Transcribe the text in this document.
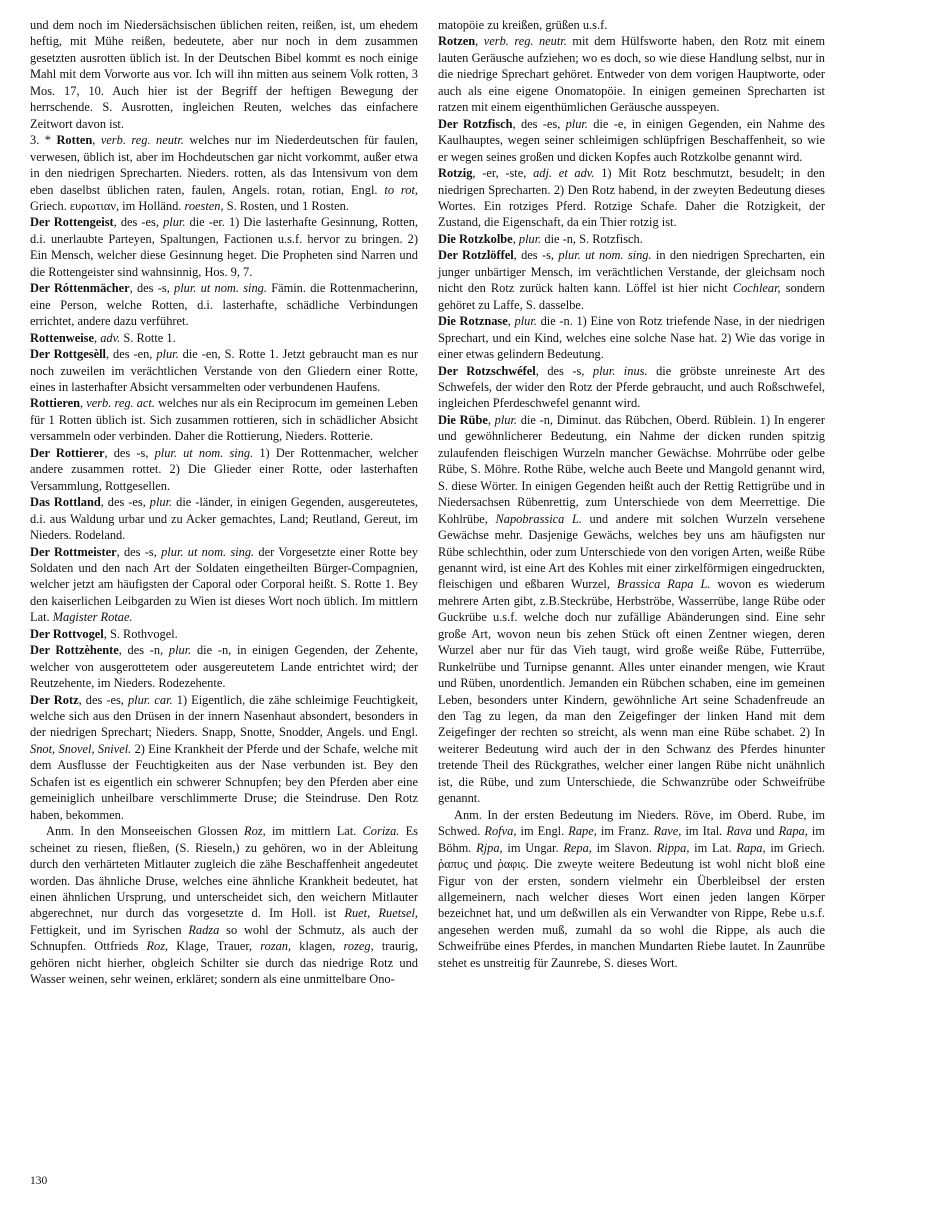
und dem noch im Niedersächsischen üblichen reiten, reißen, ist, um ehedem heftig, mit Mühe reißen, bedeutete, aber nur noch in dem zusammen gesetzten ausrotten üblich ist. In der Deutschen Bibel kommt es noch einige Mahl mit dem Vorworte aus vor. Ich will ihn mitten aus seinem Volk rotten, 3 Mos. 17, 10. Auch hier ist der Begriff der heftigen Bewegung der herrschende. S. Ausrotten, ingleichen Reuten, welches das einfachere Zeitwort davon ist.

3. * Rotten, verb. reg. neutr. welches nur im Niederdeutschen für faulen, verwesen, üblich ist, aber im Hochdeutschen gar nicht vorkommt, außer etwa in den niedrigen Sprecharten. Nieders. rotten, als das Intensivum von dem eben daselbst üblichen raten, faulen, Angels. rotan, rotian, Engl. to rot, Griech. ευρωτιαν, im Holländ. roesten, S. Rosten, und 1 Rosten.

Der Rottengeist, des -es, plur. die -er. 1) Die lasterhafte Gesinnung, Rotten, d.i. unerlaubte Parteyen, Spaltungen, Factionen u.s.f. hervor zu bringen. 2) Ein Mensch, welcher diese Gesinnung heget. Die Propheten sind Narren und die Rottengeister sind wahnsinnig, Hos. 9, 7.

Der Róttenmächer, des -s, plur. ut nom. sing. Fämin. die Rottenmacherinn, eine Person, welche Rotten, d.i. lasterhafte, schädliche Verbindungen errichtet, andere dazu verführet.

Rottenweise, adv. S. Rotte 1.

Der Rottgesèll, des -en, plur. die -en, S. Rotte 1. Jetzt gebraucht man es nur noch zuweilen im verächtlichen Verstande von den Gliedern einer Rotte, eines in lasterhafter Absicht versammelten oder verbundenen Haufens.

Rottieren, verb. reg. act. welches nur als ein Reciprocum im gemeinen Leben für 1 Rotten üblich ist. Sich zusammen rottieren, sich in schädlicher Absicht versammeln oder verbinden. Daher die Rottierung, Nieders. Rotterie.

Der Rottierer, des -s, plur. ut nom. sing. 1) Der Rottenmacher, welcher andere zusammen rottet. 2) Die Glieder einer Rotte, oder lasterhaften Versammlung, Rottgesellen.

Das Rottland, des -es, plur. die -länder, in einigen Gegenden, ausgereutetes, d.i. aus Waldung urbar und zu Acker gemachtes, Land; Reutland, Gereut, im Nieders. Rodeland.

Der Rottmeister, des -s, plur. ut nom. sing. der Vorgesetzte einer Rotte bey Soldaten und den nach Art der Soldaten eingetheilten Bürger-Compagnien, welcher jetzt am häufigsten der Caporal oder Corporal heißt. S. Rotte 1. Bey den kaiserlichen Leibgarden zu Wien ist dieses Wort noch üblich. Im mittlern Lat. Magister Rotae.

Der Rottvogel, S. Rothvogel.

Der Rottzèhente, des -n, plur. die -n, in einigen Gegenden, der Zehente, welcher von ausgerottetem oder ausgereutetem Lande entrichtet wird; der Reutzehente, im Nieders. Rodezehente.

Der Rotz, des -es, plur. car. 1) Eigentlich, die zähe schleimige Feuchtigkeit, welche sich aus den Drüsen in der innern Nasenhaut absondert, besonders in der niedrigen Sprechart; Nieders. Snapp, Snotte, Snodder, Angels. und Engl. Snot, Snovel, Snivel. 2) Eine Krankheit der Pferde und der Schafe, welche mit dem Ausflusse der Feuchtigkeiten aus der Nase verbunden ist. Bey den Schafen ist es eigentlich ein schwerer Schnupfen; bey den Pferden aber eine gemeiniglich unheilbare verschlimmerte Druse; die Steindruse. Den Rotz haben, bekommen.

Anm. In den Monseeischen Glossen Roz, im mittlern Lat. Coriza. Es scheinet zu riesen, fließen, (S. Rieseln,) zu gehören, wo in der Ableitung durch den verhärteten Mitlauter zugleich die zähe Beschaffenheit angedeutet worden. Das ähnliche Druse, welches eine ähnliche Krankheit bedeutet, hat einen ähnlichen Ursprung, und unterscheidet sich, den weichern Mitlauter abgerechnet, nur durch das vorgesetzte d. Im Holl. ist Ruet, Ruetsel, Fettigkeit, und im Syrischen Radza so wohl der Schmutz, als auch der Schnupfen. Ottfrieds Roz, Klage, Trauer, rozan, klagen, rozeg, traurig, gehören nicht hierher, obgleich Schilter sie durch das niedrige Rotz und Wasser weinen, sehr weinen, erkläret; sondern als eine unmittelbare Ono-

matopöie zu kreißen, grüßen u.s.f.

Rotzen, verb. reg. neutr. mit dem Hülfsworte haben, den Rotz mit einem lauten Geräusche aufziehen; wo es doch, so wie diese Handlung selbst, nur in die niedrige Sprechart gehöret. Entweder von dem vorigen Hauptworte, oder auch als eine eigene Onomatopöie. In einigen gemeinen Sprecharten ist ratzen mit einem eigenthümlichen Geräusche ausspeyen.

Der Rotzfisch, des -es, plur. die -e, in einigen Gegenden, ein Nahme des Kaulhauptes, wegen seiner schleimigen schlüpfrigen Beschaffenheit, so wie er wegen seines großen und dicken Kopfes auch Rotzkolbe genannt wird.

Rotzig, -er, -ste, adj. et adv. 1) Mit Rotz beschmutzt, besudelt; in den niedrigen Sprecharten. 2) Den Rotz habend, in der zweyten Bedeutung dieses Wortes. Ein rotziges Pferd. Rotzige Schafe. Daher die Rotzigkeit, der Zustand, die Eigenschaft, da ein Thier rotzig ist.

Die Rotzkolbe, plur. die -n, S. Rotzfisch.

Der Rotzlöffel, des -s, plur. ut nom. sing. in den niedrigen Sprecharten, ein junger unbärtiger Mensch, im verächtlichen Verstande, der gleichsam noch nicht den Rotz zurück halten kann. Löffel ist hier nicht Cochlear, sondern gehöret zu Laffe, S. dasselbe.

Die Rotznase, plur. die -n. 1) Eine von Rotz triefende Nase, in der niedrigen Sprechart, und ein Kind, welches eine solche Nase hat. 2) Wie das vorige in einer etwas gelindern Bedeutung.

Der Rotzschwéfel, des -s, plur. inus. die gröbste unreineste Art des Schwefels, der wider den Rotz der Pferde gebraucht, und auch Roßschwefel, ingleichen Pferdeschwefel genannt wird.

Die Rübe, plur. die -n, Diminut. das Rübchen, Oberd. Rüblein. 1) In engerer und gewöhnlicherer Bedeutung, ein Nahme der dicken runden spitzig zulaufenden fleischigen Wurzeln mancher Gewächse. Mohrrübe oder gelbe Rübe, S. Möhre. Rothe Rübe, welche auch Beete und Mangold genannt wird, S. diese Wörter. In einigen Gegenden heißt auch der Rettig Rettigrübe und in Niedersachsen Rübenrettig, zum Unterschiede von dem Meerrettige. Die Kohlrübe, Napobrassica L. und andere mit solchen Wurzeln versehene Gewächse mehr. Dasjenige Gewächs, welches bey uns am häufigsten nur Rübe schlechthin, oder zum Unterschiede von den vorigen Arten, weiße Rübe genannt wird, ist eine Art des Kohles mit einer zirkelförmigen eingedruckten, fleischigen und eßbaren Wurzel, Brassica Rapa L. wovon es wiederum mehrere Arten gibt, z.B.Steckrübe, Herbströbe, Wasserrübe, lange Rübe oder Guckrübe u.s.f. welche doch nur zufällige Abänderungen sind. Eine sehr große Art, wovon neun bis zehen Stück oft einen Zentner wiegen, deren Wurzel aber nur für das Vieh taugt, wird große weiße Rübe, Futterrübe, Runkelrübe und Turnipse genannt. Alles unter einander mengen, wie Kraut und Rüben, unordentlich. Jemanden ein Rübchen schaben, eine im gemeinen Leben, besonders unter Kindern, gewöhnliche Art seine Schadenfreude an den Tag zu legen, da man den Zeigefinger der linken Hand mit dem Zeigefinger der rechten so streicht, als wenn man eine Rübe schabet. 2) In weiterer Bedeutung wird auch der in den Schwanz des Pferdes hinunter tretende Theil des Rückgrathes, welcher einer langen Rübe nicht unähnlich ist, die Rübe, und zum Unterschiede, die Schwanzrübe oder Schweifrübe genannt.

Anm. In der ersten Bedeutung im Nieders. Röve, im Oberd. Rube, im Schwed. Rofva, im Engl. Rape, im Franz. Rave, im Ital. Rava und Rapa, im Böhm. Rjpa, im Ungar. Repa, im Slavon. Rippa, im Lat. Rapa, im Griech. ῥαπυς und ῥαφις. Die zweyte weitere Bedeutung ist wohl nicht bloß eine Figur von der ersten, sondern vielmehr ein Überbleibsel der ersten allgemeinern, nach welcher dieses Wort einen jeden langen Körper bezeichnet hat, und um deßwillen als ein Verwandter von Rippe, Rebe u.s.f. angesehen werden muß, zumahl da so wohl die Rippe, als auch die Schweifrübe eines Pferdes, in manchen Mundarten Riebe lautet. In Zaunrübe stehet es unstreitig für Zaunrebe, S. dieses Wort.

130
